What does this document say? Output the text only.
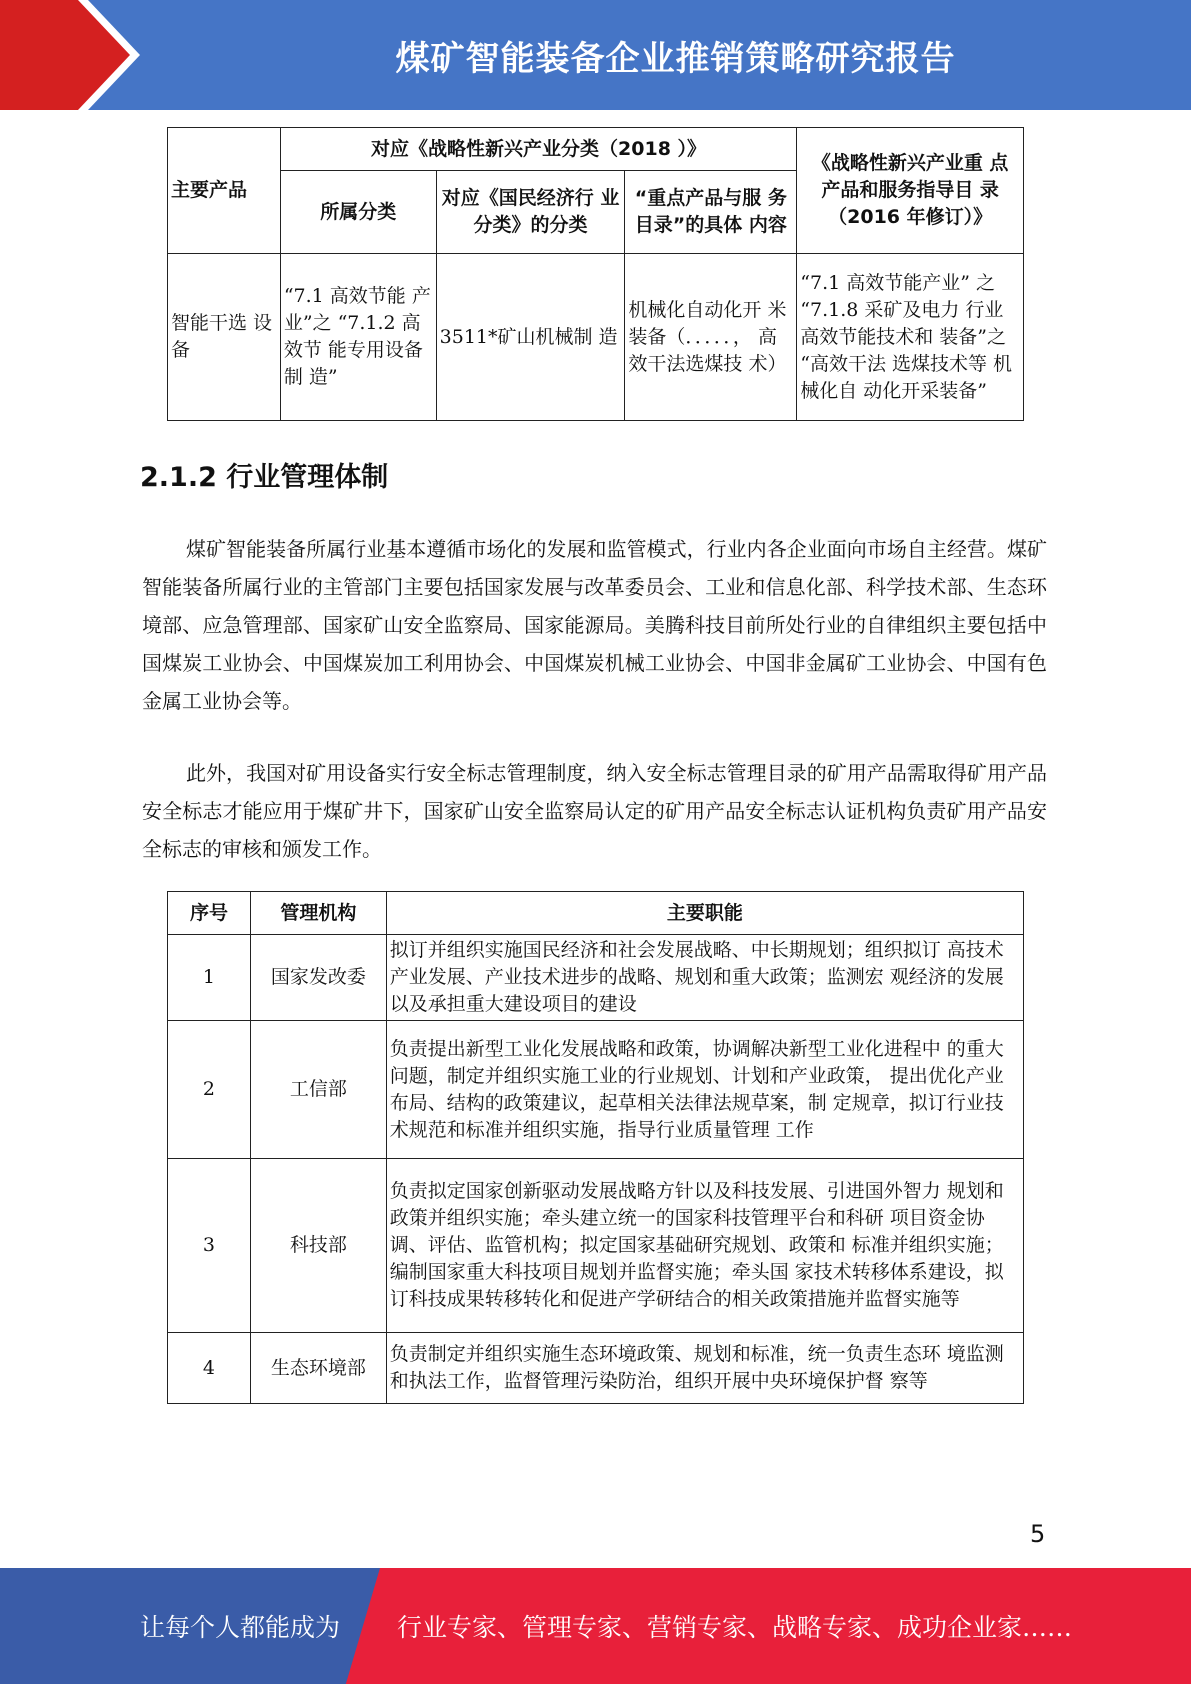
煤矿智能装备企业推销策略研究报告
主要产品	对应《战略性新兴产业分类（2018 ）》			《战略性新兴产业重 点 产品和服务指导目 录 （2016 年修订）》
	所属分类	对应《国民经济行 业分类》的分类	“重点产品与服 务目录”的具体 内容	
智能干选 设备	“7.1 高效节能 产业”之 “7.1.2 高效节 能专用设备制 造”	3511*矿山机械制 造	机械化自动化开 米装备（．．．．．， 高效干法选煤技 术）	“7.1 高效节能产业” 之 “7.1.8 采矿及电力 行业 高效节能技术和 装备”之 “高效干法 选煤技术等 机械化自 动化开采装备”
2.1.2 行业管理体制

煤矿智能装备所属行业基本遵循市场化的发展和监管模式，行业内各企业面向市场自主经营。煤矿智能装备所属行业的主管部门主要包括国家发展与改革委员会、工业和信息化部、科学技术部、生态环境部、应急管理部、国家矿山安全监察局、国家能源局。美腾科技目前所处行业的自律组织主要包括中国煤炭工业协会、中国煤炭加工利用协会、中国煤炭机械工业协会、中国非金属矿工业协会、中国有色金属工业协会等。

此外，我国对矿用设备实行安全标志管理制度，纳入安全标志管理目录的矿用产品需取得矿用产品安全标志才能应用于煤矿井下，国家矿山安全监察局认定的矿用产品安全标志认证机构负责矿用产品安全标志的审核和颁发工作。

序号	管理机构	主要职能
1	国家发改委	拟订并组织实施国民经济和社会发展战略、中长期规划；组织拟订 高技术产业发展、产业技术进步的战略、规划和重大政策；监测宏 观经济的发展以及承担重大建设项目的建设
2	工信部	负责提出新型工业化发展战略和政策，协调解决新型工业化进程中 的重大问题，制定并组织实施工业的行业规划、计划和产业政策， 提出优化产业布局、结构的政策建议，起草相关法律法规草案，制 定规章，拟订行业技术规范和标准并组织实施，指导行业质量管理 工作
3	科技部	负责拟定国家创新驱动发展战略方针以及科技发展、引进国外智力 规划和政策并组织实施；牵头建立统一的国家科技管理平台和科研 项目资金协调、评估、监管机构；拟定国家基础研究规划、政策和 标准并组织实施；编制国家重大科技项目规划并监督实施；牵头国 家技术转移体系建设，拟订科技成果转移转化和促进产学研结合的相关政策措施并监督实施等
4	生态环境部	负责制定并组织实施生态环境政策、规划和标准，统一负责生态环 境监测和执法工作，监督管理污染防治，组织开展中央环境保护督 察等
5
让每个人都能成为 行业专家、管理专家、营销专家、战略专家、成功企业家……
